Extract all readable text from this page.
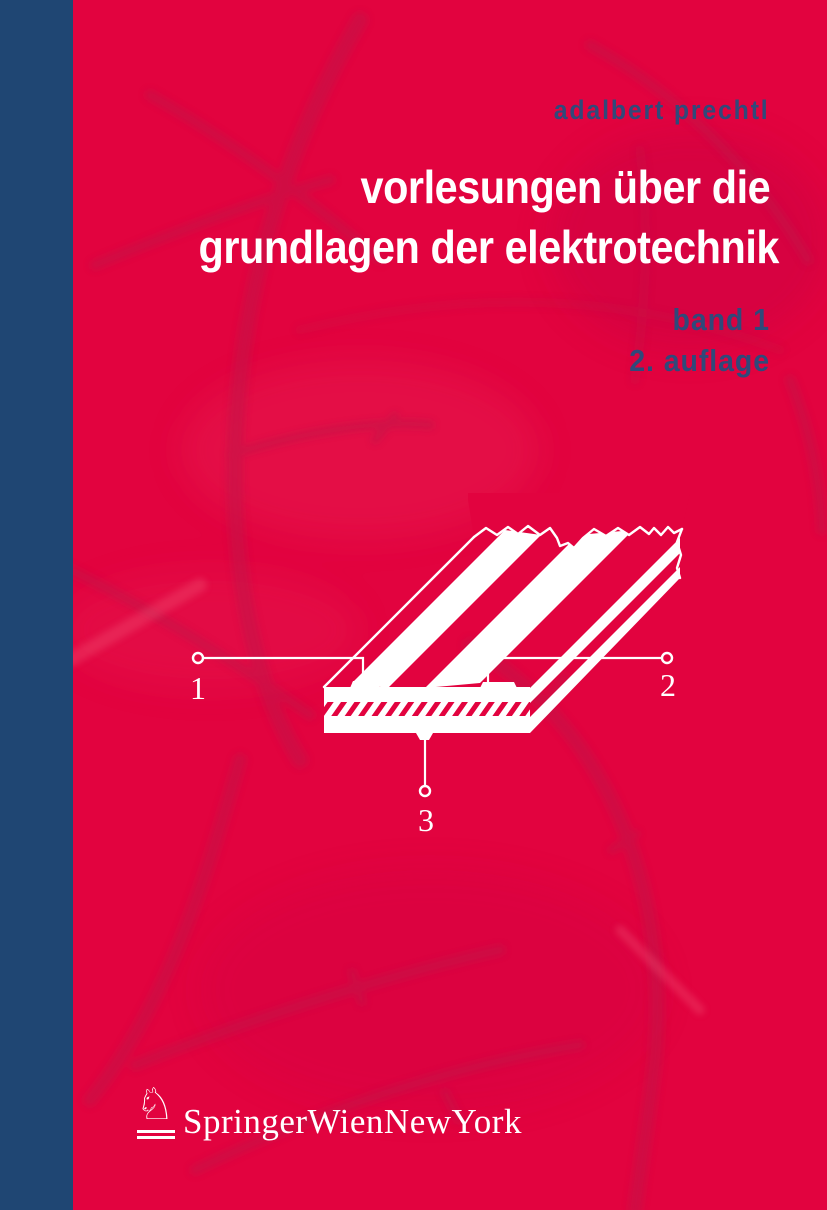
1	2
3
adalbert prechtl
vorlesungen über die
grundlagen der elektrotechnik
band 1
2. auflage
♘ SpringerWienNewYork
